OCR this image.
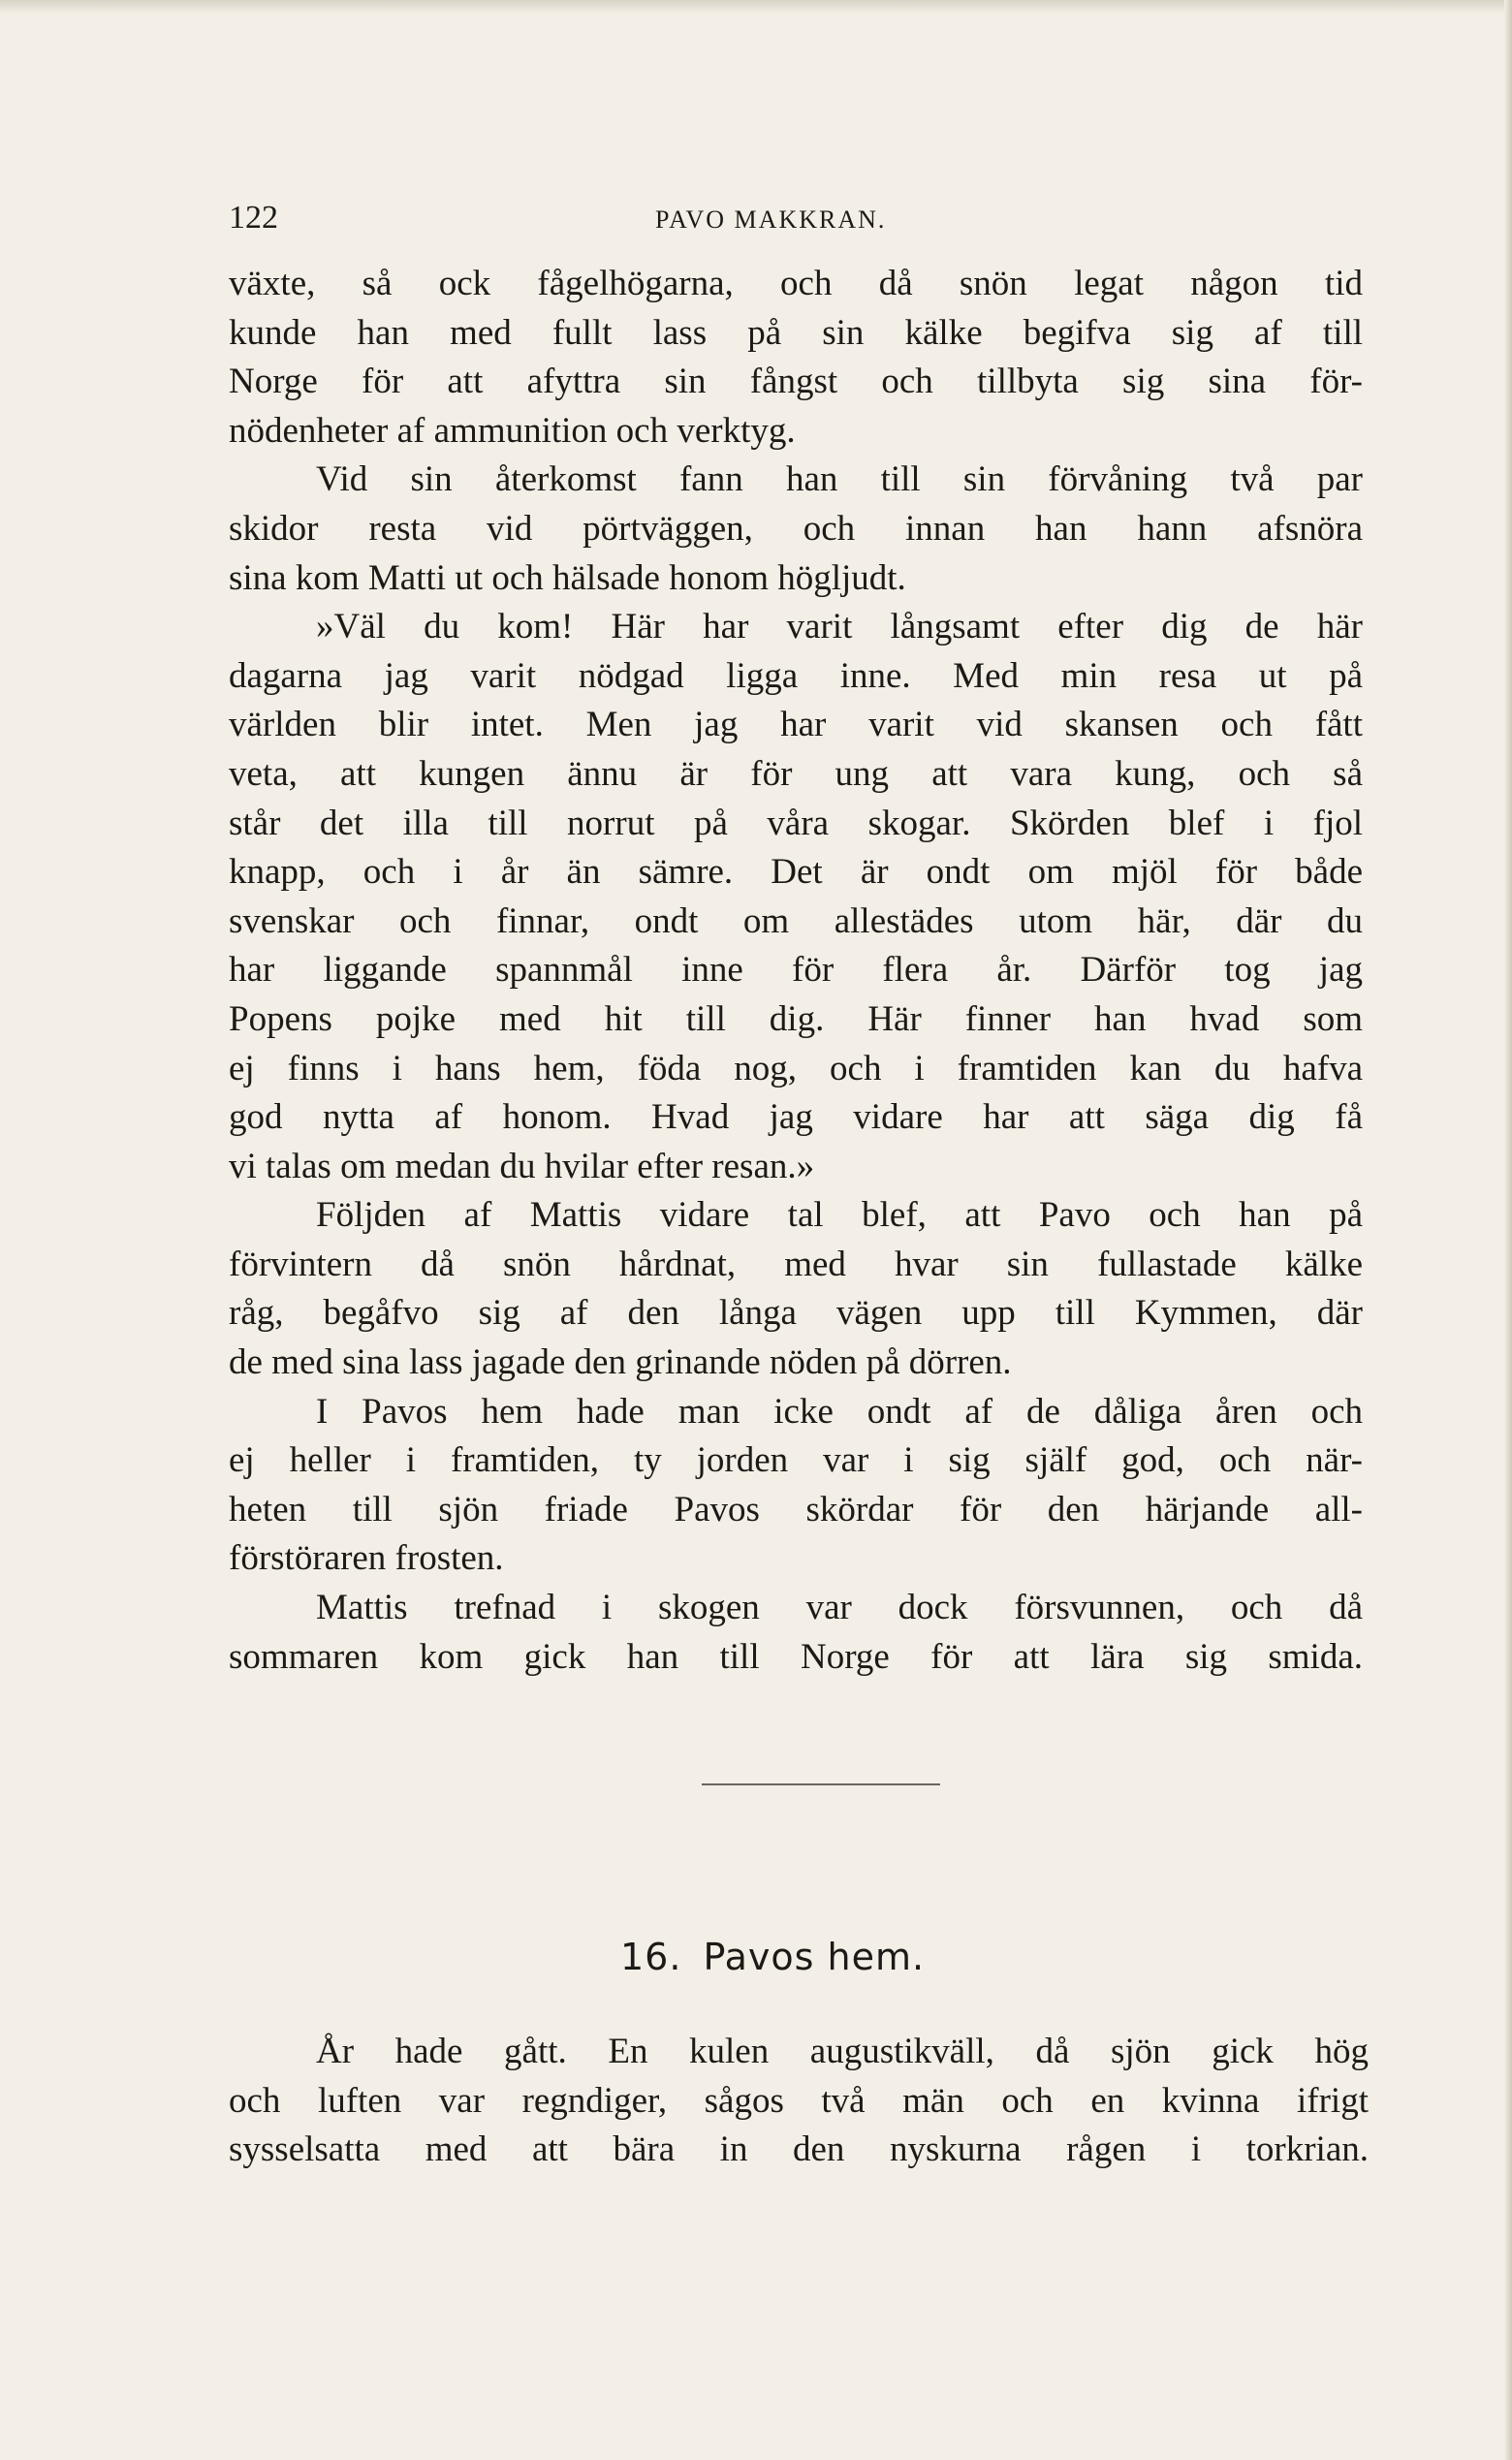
122	PAVO MAKKRAN.
växte, så ock fågelhögarna, och då snön legat någon tid
kunde han med fullt lass på sin kälke begifva sig af till
Norge för att afyttra sin fångst och tillbyta sig sina för-
nödenheter af ammunition och verktyg.
Vid sin återkomst fann han till sin förvåning två par
skidor resta vid pörtväggen, och innan han hann afsnöra
sina kom Matti ut och hälsade honom högljudt.
»Väl du kom! Här har varit långsamt efter dig de här
dagarna jag varit nödgad ligga inne. Med min resa ut på
världen blir intet. Men jag har varit vid skansen och fått
veta, att kungen ännu är för ung att vara kung, och så
står det illa till norrut på våra skogar. Skörden blef i fjol
knapp, och i år än sämre. Det är ondt om mjöl för både
svenskar och finnar, ondt om allestädes utom här, där du
har liggande spannmål inne för flera år. Därför tog jag
Popens pojke med hit till dig. Här finner han hvad som
ej finns i hans hem, föda nog, och i framtiden kan du hafva
god nytta af honom. Hvad jag vidare har att säga dig få
vi talas om medan du hvilar efter resan.»
Följden af Mattis vidare tal blef, att Pavo och han på
förvintern då snön hårdnat, med hvar sin fullastade kälke
råg, begåfvo sig af den långa vägen upp till Kymmen, där
de med sina lass jagade den grinande nöden på dörren.
I Pavos hem hade man icke ondt af de dåliga åren och
ej heller i framtiden, ty jorden var i sig själf god, och när-
heten till sjön friade Pavos skördar för den härjande all-
förstöraren frosten.
Mattis trefnad i skogen var dock försvunnen, och då
sommaren kom gick han till Norge för att lära sig smida.
16. Pavos hem.
År hade gått. En kulen augustikväll, då sjön gick hög
och luften var regndiger, sågos två män och en kvinna ifrigt
sysselsatta med att bära in den nyskurna rågen i torkrian.
